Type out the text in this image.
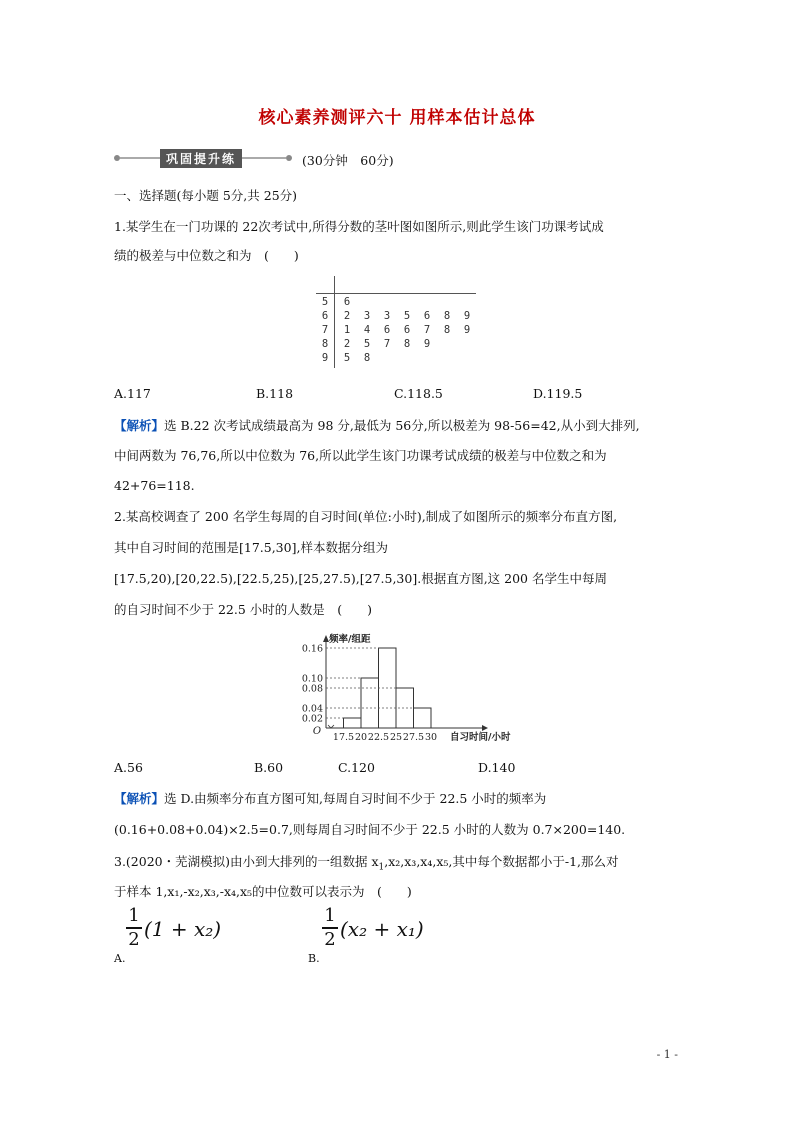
核心素养测评六十 用样本估计总体
巩固提升练	(30分钟　60分)
一、选择题(每小题 5分,共 25分)
1.某学生在一门功课的 22次考试中,所得分数的茎叶图如图所示,则此学生该门功课考试成
绩的极差与中位数之和为　(　　)
5	6
6	2	3	3	5	6	8	9
7	1	4	6	6	7	8	9
8	2	5	7	8	9
9	5	8
A.117	B.118	C.118.5	D.119.5
【解析】选 B.22 次考试成绩最高为 98 分,最低为 56分,所以极差为 98-56=42,从小到大排列,
中间两数为 76,76,所以中位数为 76,所以此学生该门功课考试成绩的极差与中位数之和为
42+76=118.
2.某高校调查了 200 名学生每周的自习时间(单位:小时),制成了如图所示的频率分布直方图,
其中自习时间的范围是[17.5,30],样本数据分组为
[17.5,20),[20,22.5),[22.5,25),[25,27.5),[27.5,30].根据直方图,这 200 名学生中每周
的自习时间不少于 22.5 小时的人数是　(　　)
0.16
0.10
0.08
0.04
0.02
17.5 20 22.5 25 27.5 30
O
频率/组距
自习时间/小时
A.56	B.60	C.120	D.140
【解析】选 D.由频率分布直方图可知,每周自习时间不少于 22.5 小时的频率为
(0.16+0.08+0.04)×2.5=0.7,则每周自习时间不少于 22.5 小时的人数为 0.7×200=140.
3.(2020・芜湖模拟)由小到大排列的一组数据 $x_1,x_2,x_3,x_4,x_5$,其中每个数据都小于-1,那么对
于样本 1,x₁,-x₂,x₃,-x₄,x₅的中位数可以表示为　(　　)
1
2 (1 + x₂)
A.
1
2 (x₂ + x₁)
B.
- 1 -
